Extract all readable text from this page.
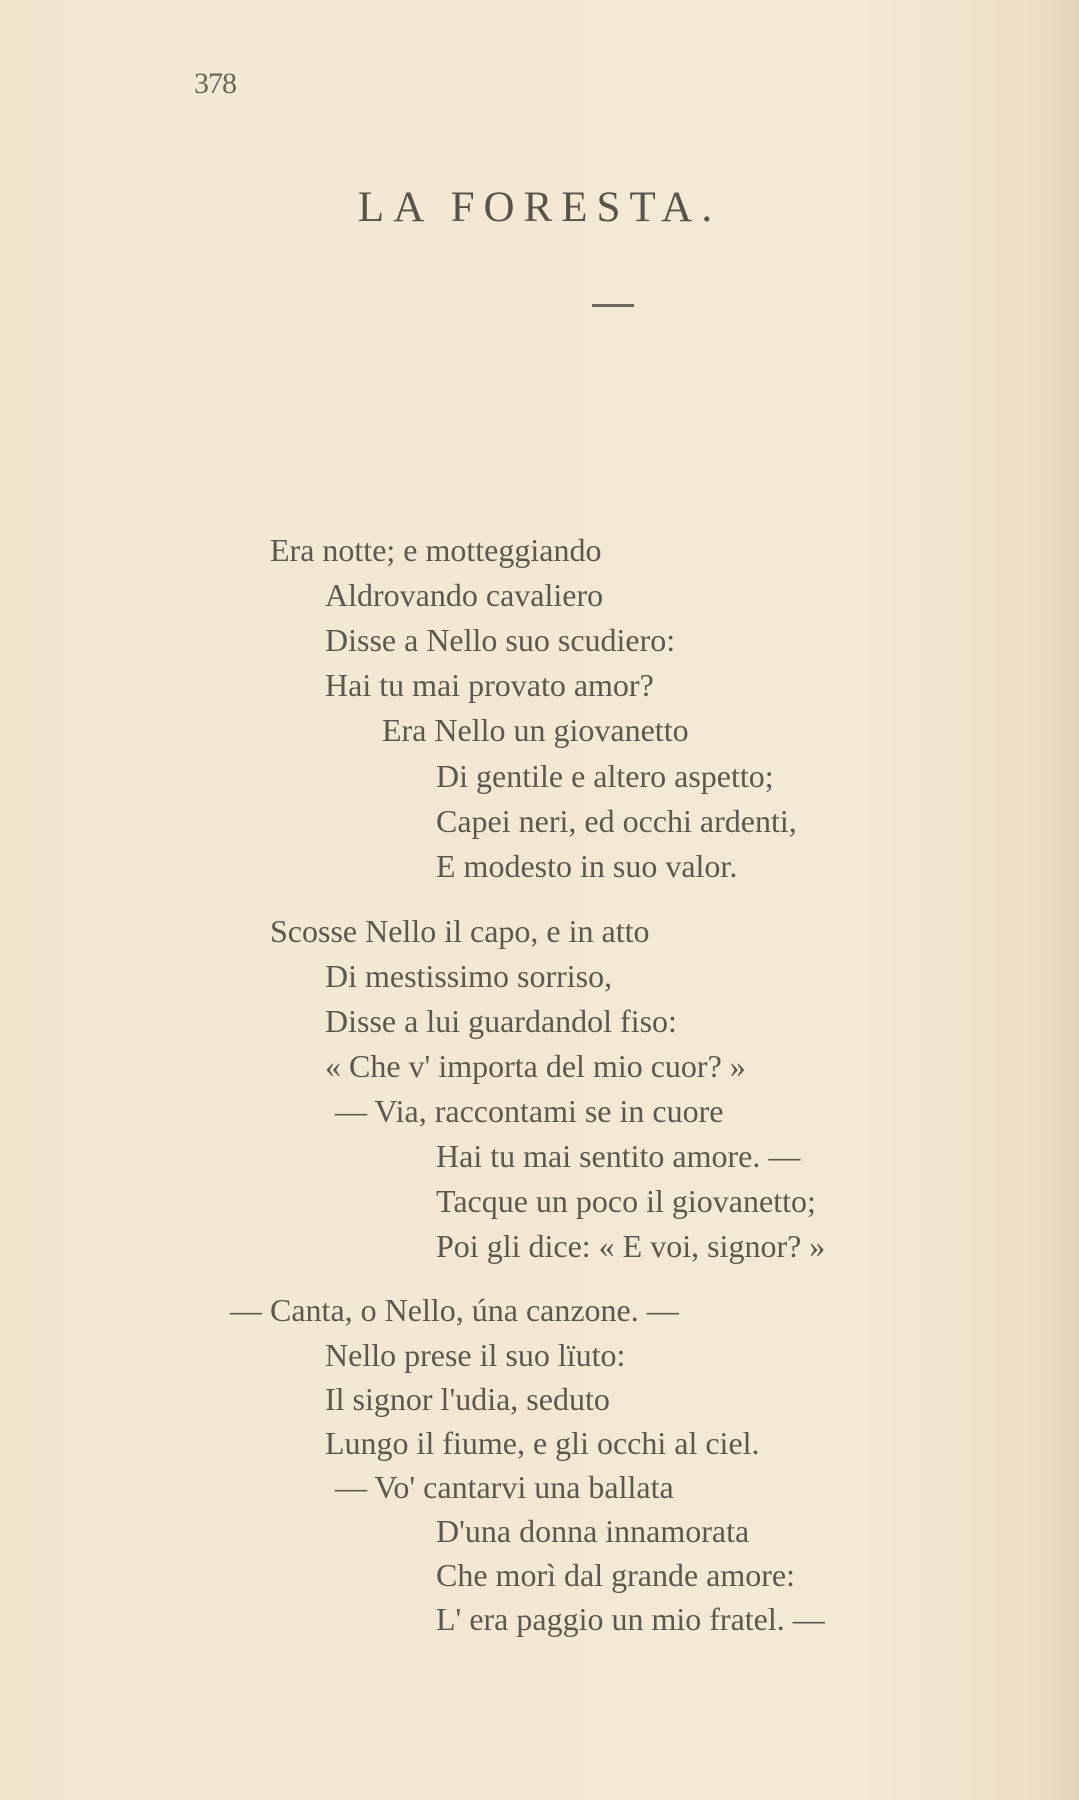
378
LA FORESTA.
Era notte; e motteggiando
Aldrovando cavaliero
Disse a Nello suo scudiero:
Hai tu mai provato amor?
Era Nello un giovanetto
Di gentile e altero aspetto;
Capei neri, ed occhi ardenti,
E modesto in suo valor.
Scosse Nello il capo, e in atto
Di mestissimo sorriso,
Disse a lui guardandol fiso:
« Che v' importa del mio cuor? »
— Via, raccontami se in cuore
Hai tu mai sentito amore. —
Tacque un poco il giovanetto;
Poi gli dice: « E voi, signor? »
— Canta, o Nello, úna canzone. —
Nello prese il suo lïuto:
Il signor l'udia, seduto
Lungo il fiume, e gli occhi al ciel.
— Vo' cantarvi una ballata
D'una donna innamorata
Che morì dal grande amore:
L' era paggio un mio fratel. —
